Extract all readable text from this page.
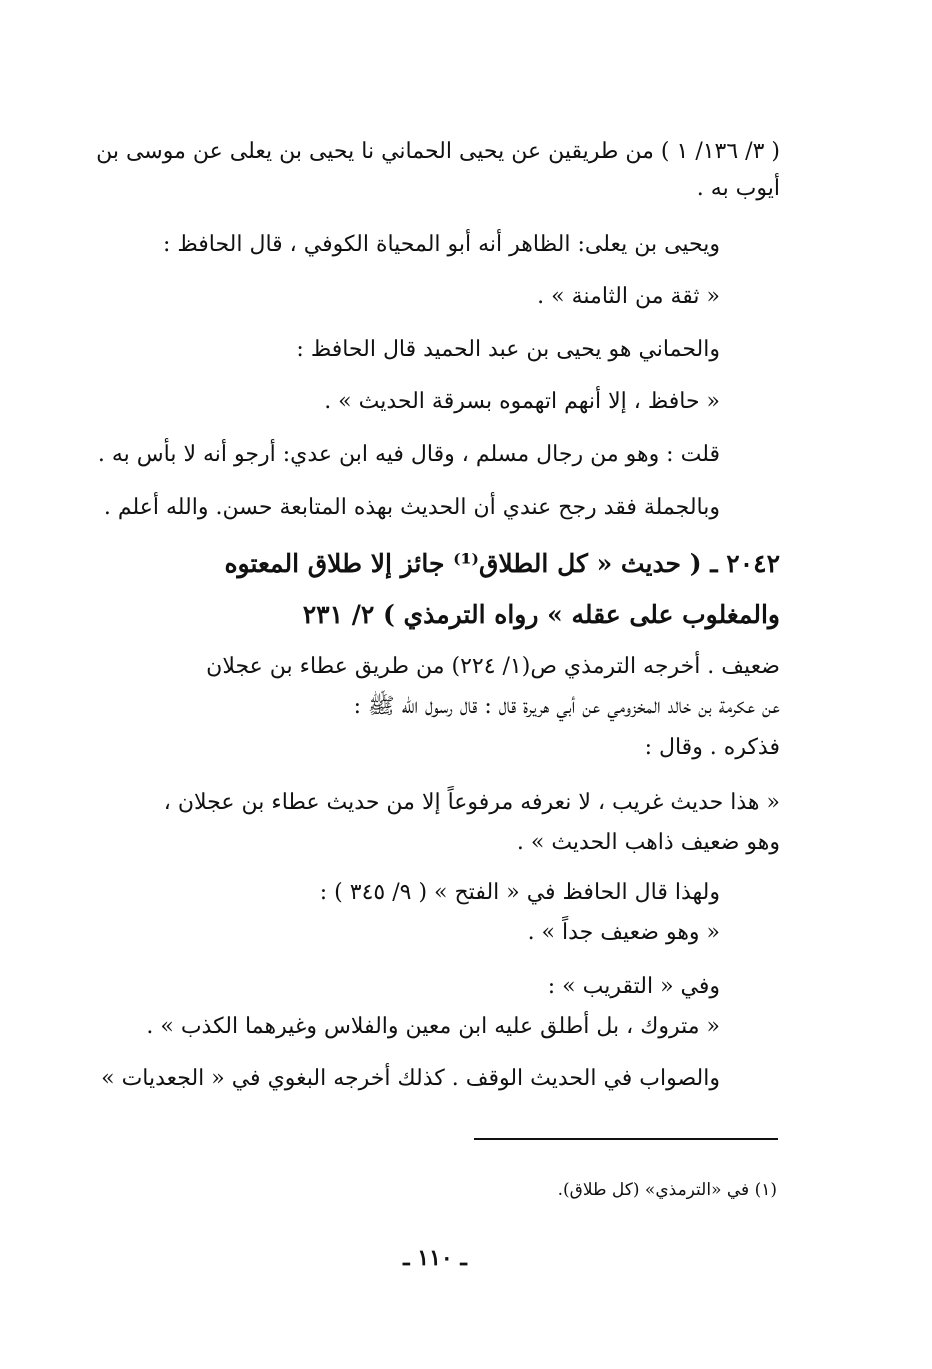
( ٣/ ١٣٦/ ١ ) من طريقين عن يحيى الحماني نا يحيى بن يعلى عن موسى بن
أيوب به .
ويحيى بن يعلى: الظاهر أنه أبو المحياة الكوفي ، قال الحافظ :
« ثقة من الثامنة » .
والحماني هو يحيى بن عبد الحميد قال الحافظ :
« حافظ ، إلا أنهم اتهموه بسرقة الحديث » .
قلت : وهو من رجال مسلم ، وقال فيه ابن عدي: أرجو أنه لا بأس به .
وبالجملة فقد رجح عندي أن الحديث بهذه المتابعة حسن. والله أعلم .
٢٠٤٢ ـ ( حديث « كل الطلاق⁽¹⁾ جائز إلا طلاق المعتوه
والمغلوب على عقله » رواه الترمذي ) ٢/ ٢٣١
ضعيف . أخرجه الترمذي ص(١/ ٢٢٤) من طريق عطاء بن عجلان
عن عكرمة بن خالد المخزومي عن أبي هريرة قال : قال رسول الله ﷺ :
فذكره . وقال :
« هذا حديث غريب ، لا نعرفه مرفوعاً إلا من حديث عطاء بن عجلان ،
وهو ضعيف ذاهب الحديث » .
ولهذا قال الحافظ في « الفتح » ( ٩/ ٣٤٥ ) :
« وهو ضعيف جداً » .
وفي « التقريب » :
« متروك ، بل أطلق عليه ابن معين والفلاس وغيرهما الكذب » .
والصواب في الحديث الوقف . كذلك أخرجه البغوي في « الجعديات »
(١) في «الترمذي» (كل طلاق).
ـ ١١٠ ـ
